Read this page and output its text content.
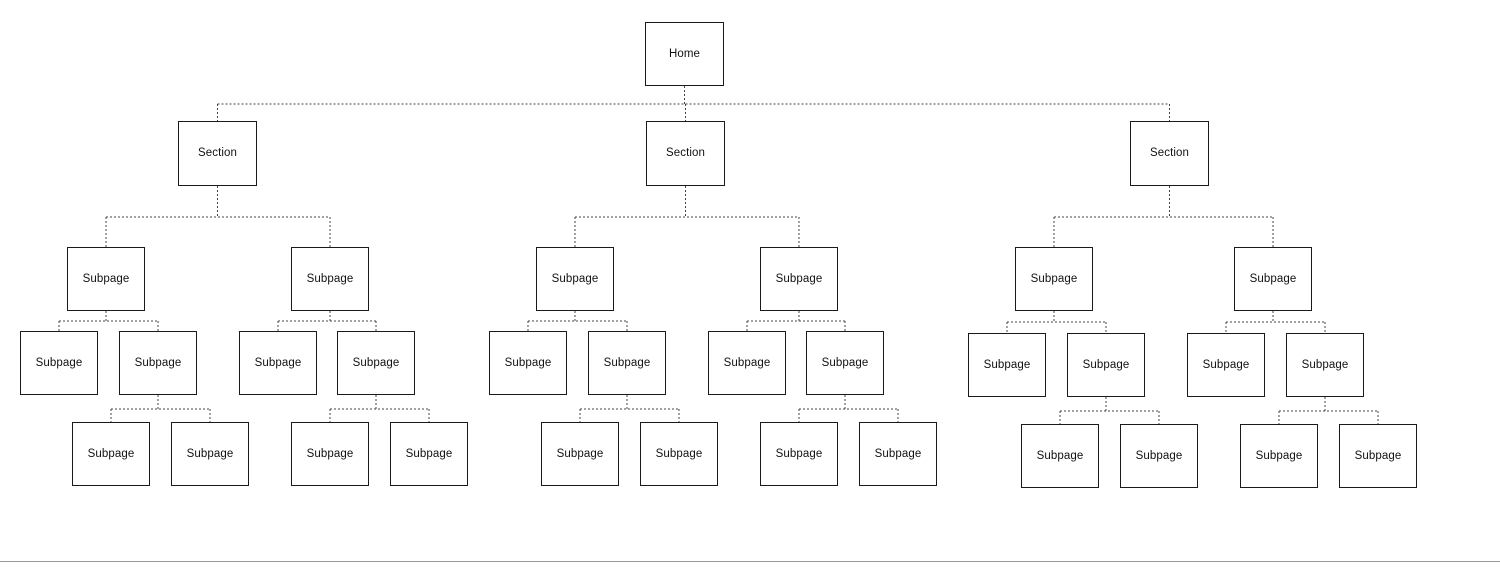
Home
Section	Section	Section
Subpage	Subpage	Subpage	Subpage	Subpage	Subpage
Subpage	Subpage	Subpage	Subpage	Subpage	Subpage	Subpage	Subpage	Subpage	Subpage	Subpage	Subpage
Subpage	Subpage	Subpage	Subpage	Subpage	Subpage	Subpage	Subpage	Subpage	Subpage	Subpage	Subpage
